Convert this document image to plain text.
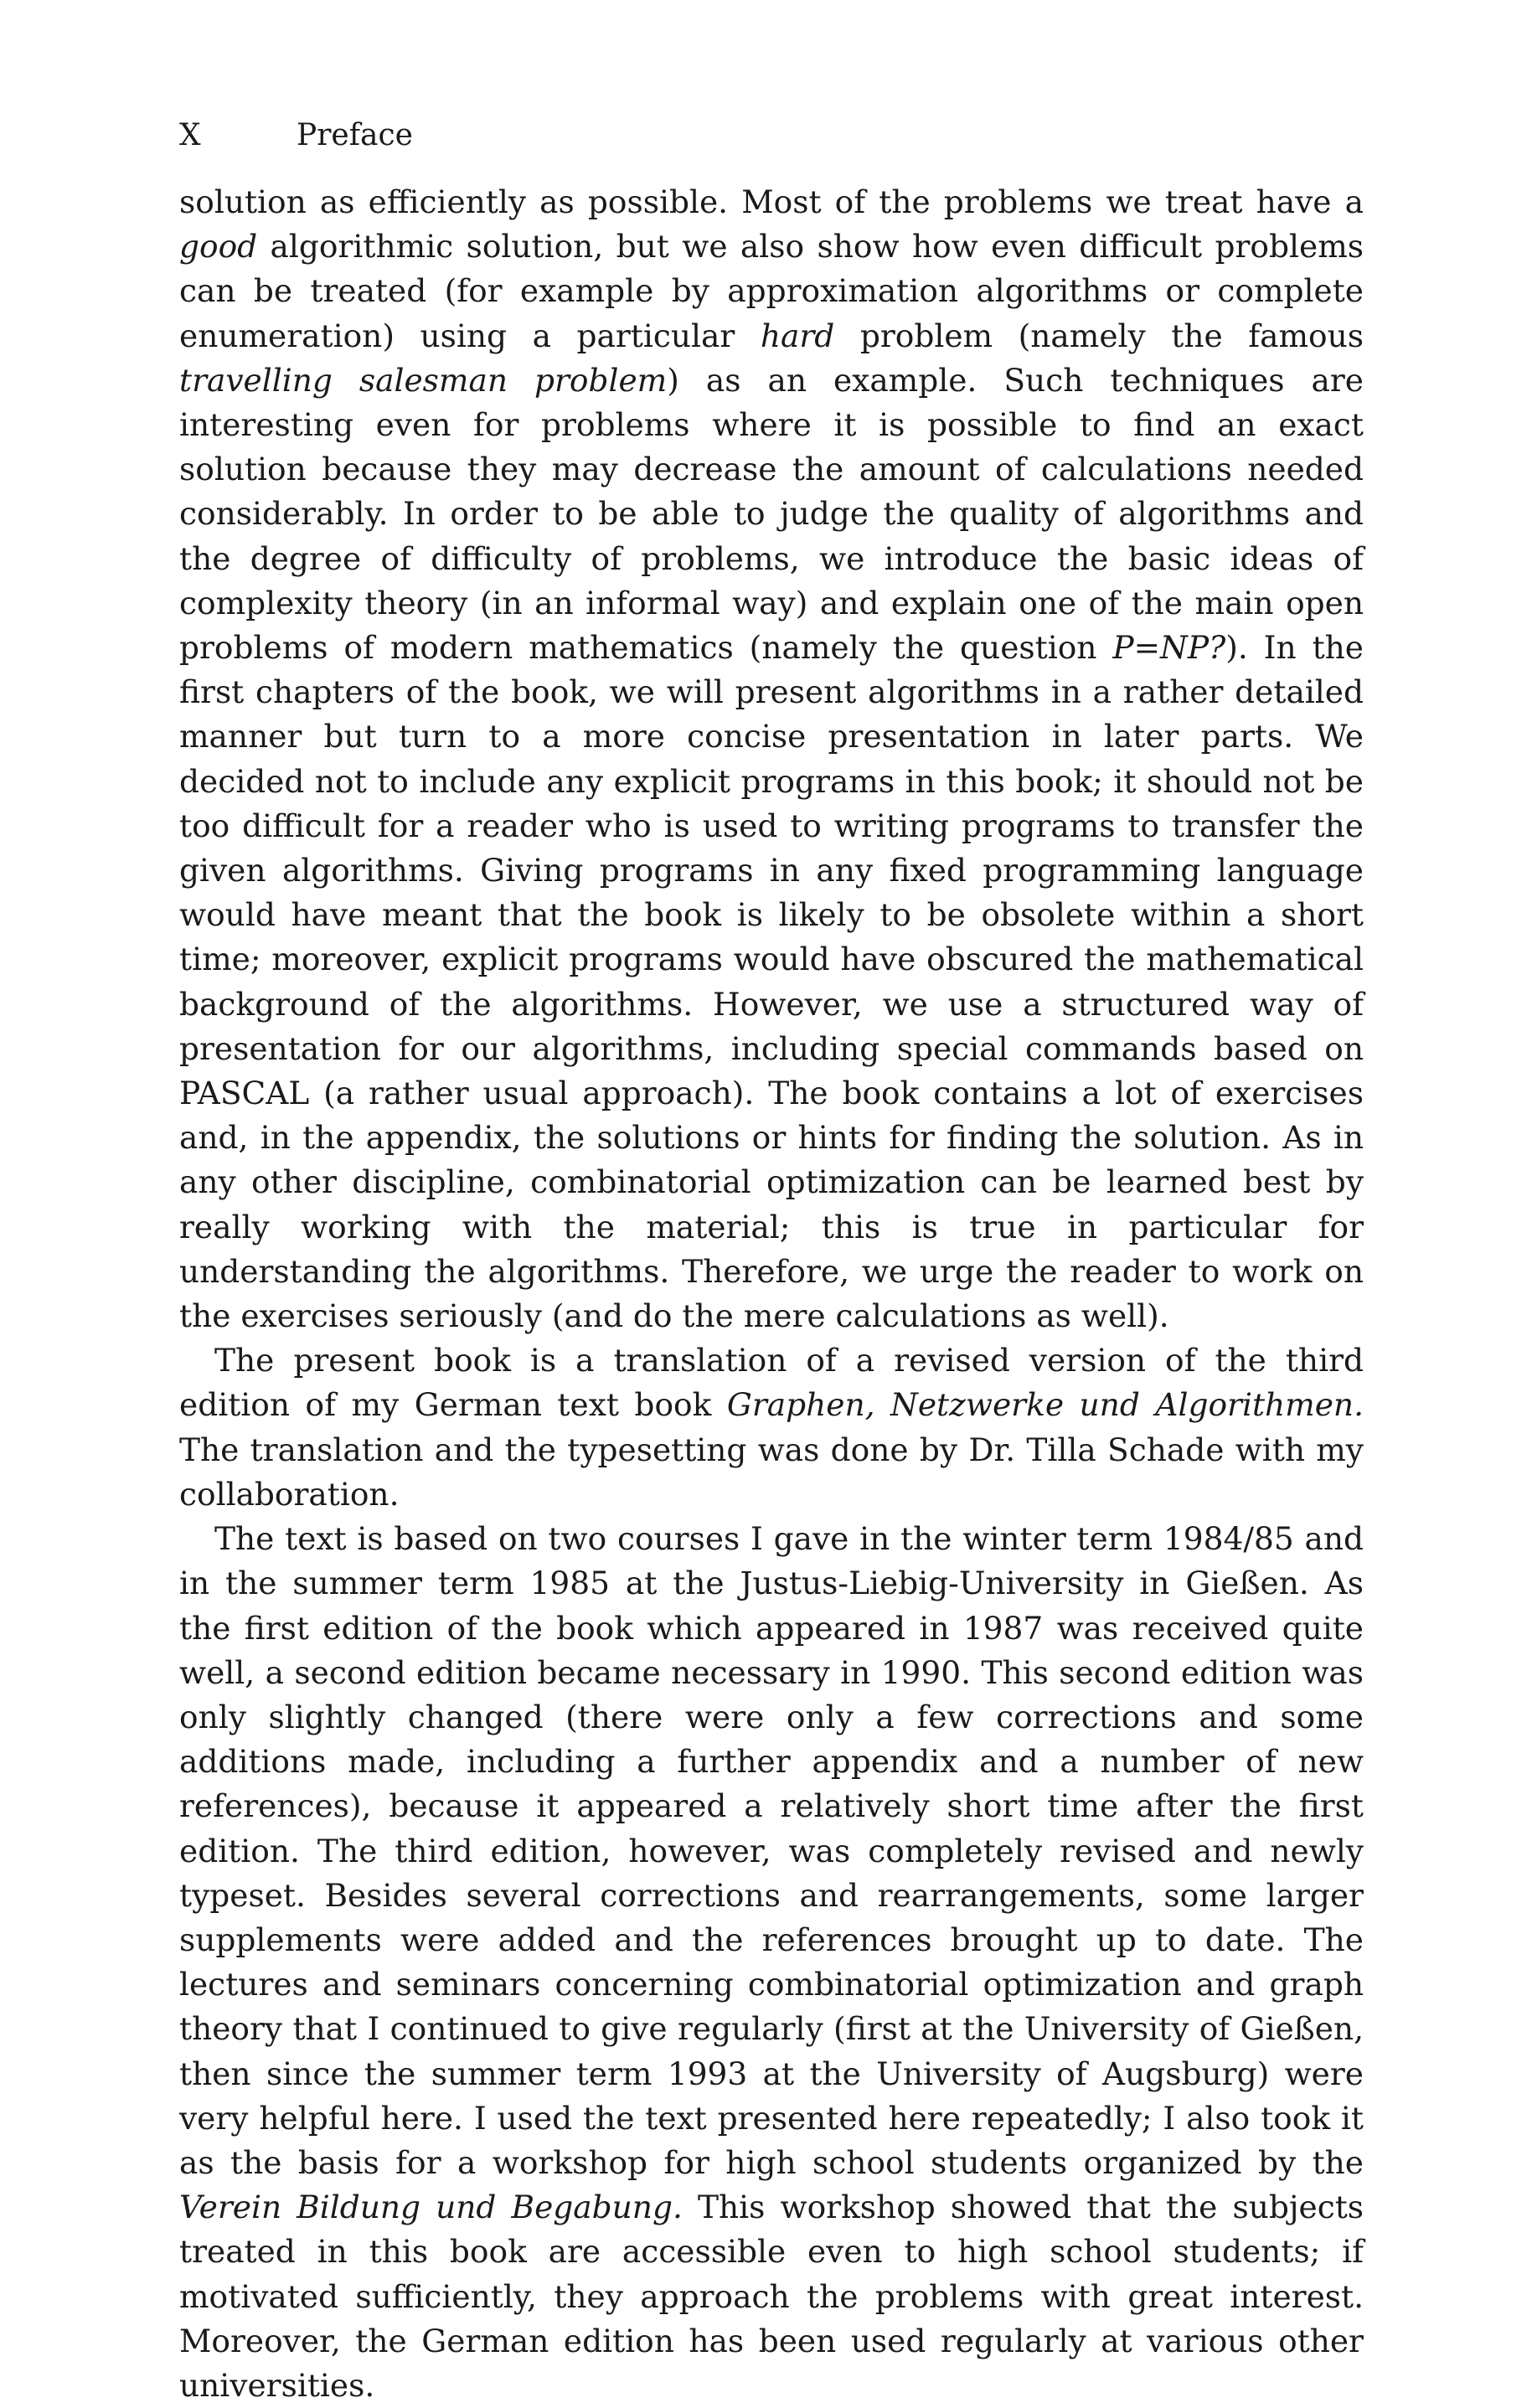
X	Preface

solution as efficiently as possible. Most of the problems we treat have a good algorithmic solution, but we also show how even difficult problems can be treated (for example by approximation algorithms or complete enumeration) using a particular hard problem (namely the famous travelling salesman problem) as an example. Such techniques are interesting even for problems where it is possible to find an exact solution because they may decrease the amount of calculations needed considerably. In order to be able to judge the quality of algorithms and the degree of difficulty of problems, we introduce the basic ideas of complexity theory (in an informal way) and explain one of the main open problems of modern mathematics (namely the question P=NP?). In the first chapters of the book, we will present algorithms in a rather detailed manner but turn to a more concise presentation in later parts. We decided not to include any explicit programs in this book; it should not be too difficult for a reader who is used to writing programs to transfer the given algorithms. Giving programs in any fixed programming language would have meant that the book is likely to be obsolete within a short time; moreover, explicit programs would have obscured the mathematical background of the algorithms. However, we use a structured way of presentation for our algorithms, including special commands based on PASCAL (a rather usual approach). The book contains a lot of exercises and, in the appendix, the solutions or hints for finding the solution. As in any other discipline, combinatorial optimization can be learned best by really working with the material; this is true in particular for understanding the algorithms. Therefore, we urge the reader to work on the exercises seriously (and do the mere calculations as well).

The present book is a translation of a revised version of the third edition of my German text book Graphen, Netzwerke und Algorithmen. The translation and the typesetting was done by Dr. Tilla Schade with my collaboration.

The text is based on two courses I gave in the winter term 1984/85 and in the summer term 1985 at the Justus-Liebig-University in Gießen. As the first edition of the book which appeared in 1987 was received quite well, a second edition became necessary in 1990. This second edition was only slightly changed (there were only a few corrections and some additions made, including a further appendix and a number of new references), because it appeared a relatively short time after the first edition. The third edition, however, was completely revised and newly typeset. Besides several corrections and rearrangements, some larger supplements were added and the references brought up to date. The lectures and seminars concerning combinatorial optimization and graph theory that I continued to give regularly (first at the University of Gießen, then since the summer term 1993 at the University of Augsburg) were very helpful here. I used the text presented here repeatedly; I also took it as the basis for a workshop for high school students organized by the Verein Bildung und Begabung. This workshop showed that the subjects treated in this book are accessible even to high school students; if motivated sufficiently, they approach the problems with great interest. Moreover, the German edition has been used regularly at various other universities.
